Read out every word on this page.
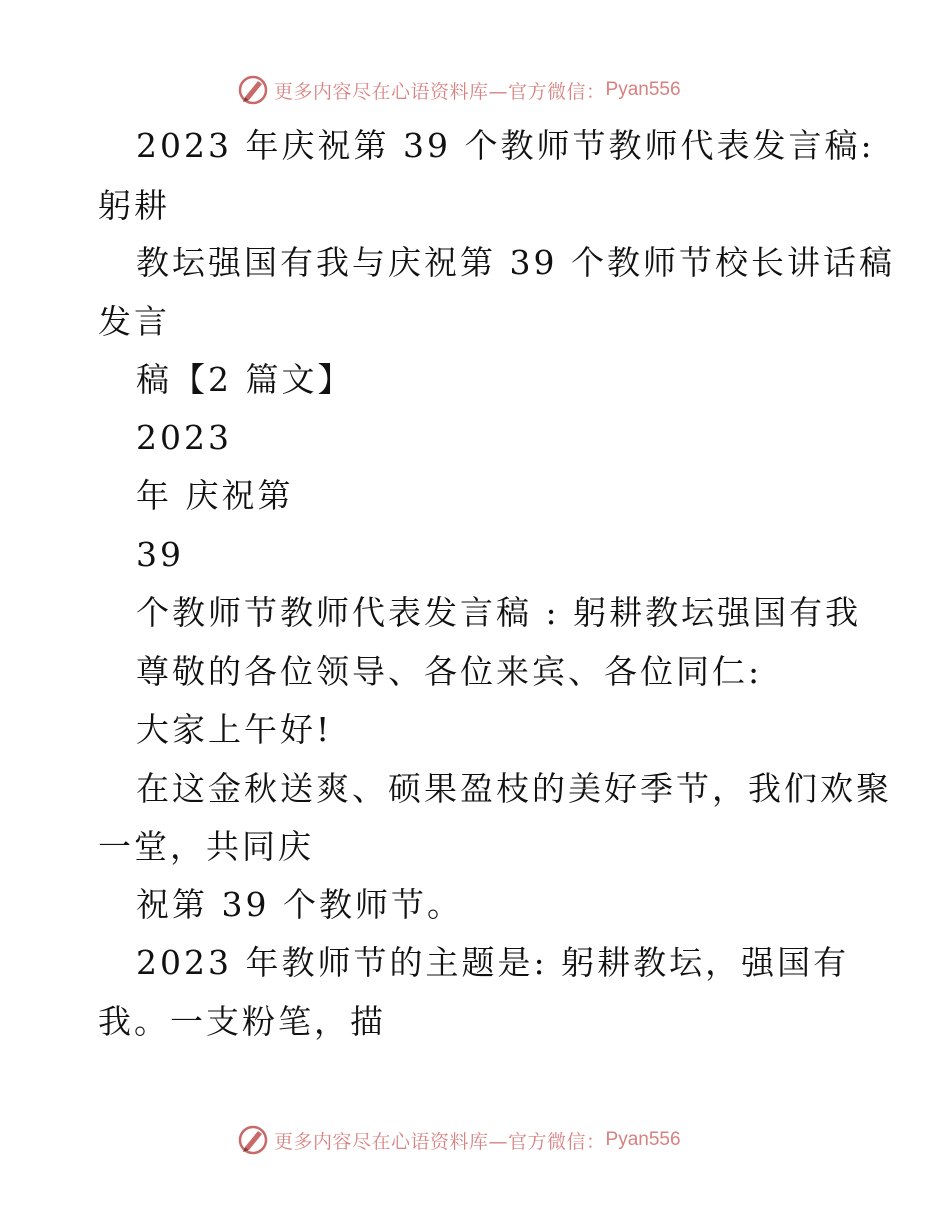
更多内容尽在心语资料库—官方微信： Pyan556
2023 年庆祝第 39 个教师节教师代表发言稿:
躬耕
教坛强国有我与庆祝第 39 个教师节校长讲话稿
发言
稿【2 篇文】
2023
年 庆祝第
39
个教师节教师代表发言稿 : 躬耕教坛强国有我
尊敬的各位领导、各位来宾、各位同仁:
大家上午好!
在这金秋送爽、硕果盈枝的美好季节，我们欢聚
一堂，共同庆
祝第 39 个教师节。
2023 年教师节的主题是: 躬耕教坛，强国有
我。一支粉笔，描
更多内容尽在心语资料库—官方微信： Pyan556
